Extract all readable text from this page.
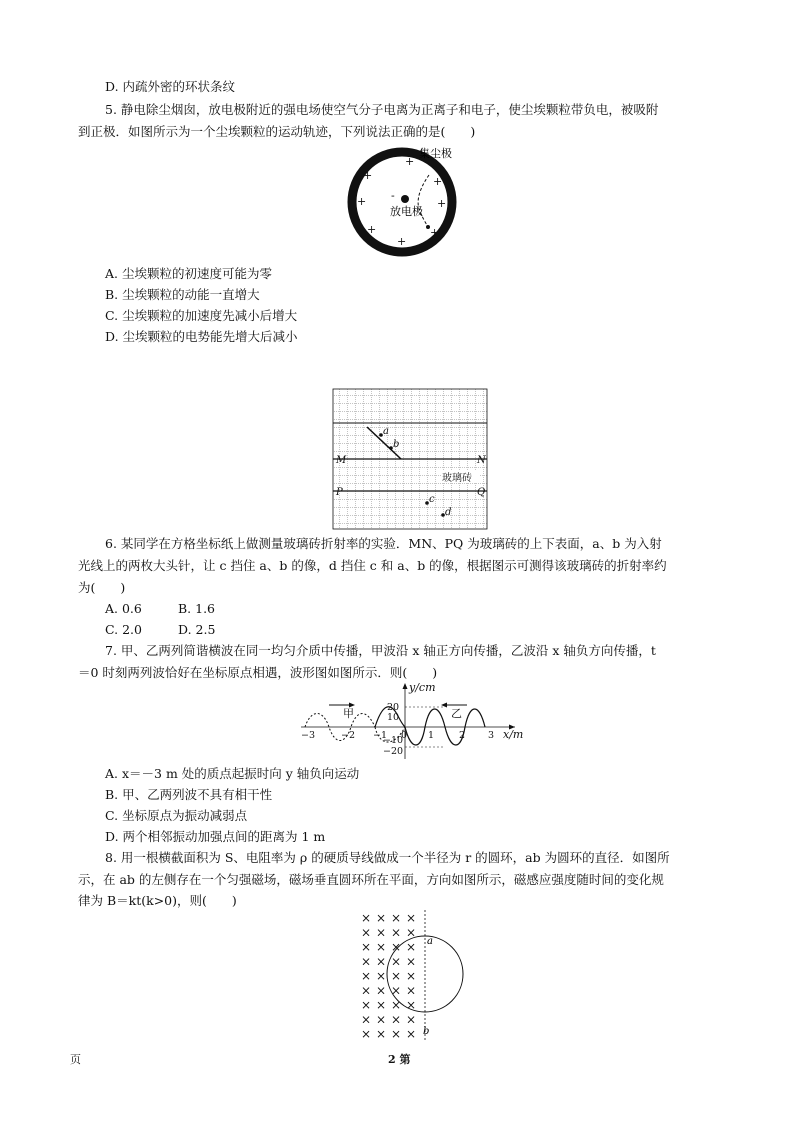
D. 内疏外密的环状条纹
5. 静电除尘烟囱，放电极附近的强电场使空气分子电离为正离子和电子，使尘埃颗粒带负电，被吸附
到正极．如图所示为一个尘埃颗粒的运动轨迹，下列说法正确的是(　　)
+
+	+
+	+
+	+
+
-
集尘极
放电极
A. 尘埃颗粒的初速度可能为零
B. 尘埃颗粒的动能一直增大
C. 尘埃颗粒的加速度先减小后增大
D. 尘埃颗粒的电势能先增大后减小
a
b
c
d
M	N
P	Q
玻璃砖
6. 某同学在方格坐标纸上做测量玻璃砖折射率的实验．MN、PQ 为玻璃砖的上下表面，a、b 为入射
光线上的两枚大头针，让 c 挡住 a、b 的像，d 挡住 c 和 a、b 的像，根据图示可测得该玻璃砖的折射率约
为(　　)
A. 0.6	B. 1.6
C. 2.0	D. 2.5
7. 甲、乙两列简谐横波在同一均匀介质中传播，甲波沿 x 轴正方向传播，乙波沿 x 轴负方向传播，t
＝0 时刻两列波恰好在坐标原点相遇，波形图如图所示．则(　　)
甲	乙
y/cm
x/m
20
10
−10
−20
−3	−2 −1 0 1	2 3
A. x＝－3 m 处的质点起振时向 y 轴负向运动
B. 甲、乙两列波不具有相干性
C. 坐标原点为振动减弱点
D. 两个相邻振动加强点间的距离为 1 m
8. 用一根横截面积为 S、电阻率为 ρ 的硬质导线做成一个半径为 r 的圆环，ab 为圆环的直径．如图所
示，在 ab 的左侧存在一个匀强磁场，磁场垂直圆环所在平面，方向如图所示，磁感应强度随时间的变化规
律为 B＝kt(k>0)，则(　　)
× × × ×
× × × ×
× × × ×
× × × ×
× × × ×
× × × ×
× × × ×
× × × ×
× × × ×
a
b
页	2 第
